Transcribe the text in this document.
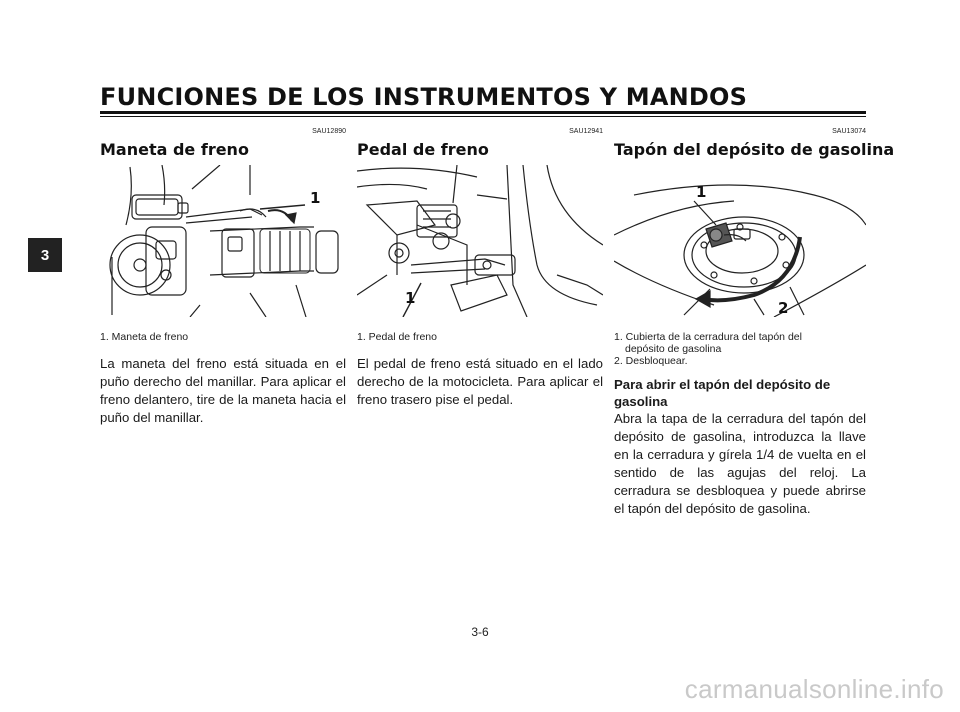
FUNCIONES DE LOS INSTRUMENTOS Y MANDOS
3
SAU12890
Maneta de freno
1
1. Maneta de freno
La maneta del freno está situada en el puño derecho del manillar. Para aplicar el freno delantero, tire de la maneta hacia el puño del manillar.
SAU12941
Pedal de freno
1
1. Pedal de freno
El pedal de freno está situado en el lado derecho de la motocicleta. Para aplicar el freno trasero pise el pedal.
SAU13074
Tapón del depósito de gasolina
1
2
1. Cubierta de la cerradura del tapón del
depósito de gasolina
2. Desbloquear.
Para abrir el tapón del depósito de gasolina
Abra la tapa de la cerradura del tapón del depósito de gasolina, introduzca la llave en la cerradura y gírela 1/4 de vuelta en el sentido de las agujas del reloj. La cerradura se desbloquea y puede abrirse el tapón del depósito de gasolina.
3-6
carmanualsonline.info
